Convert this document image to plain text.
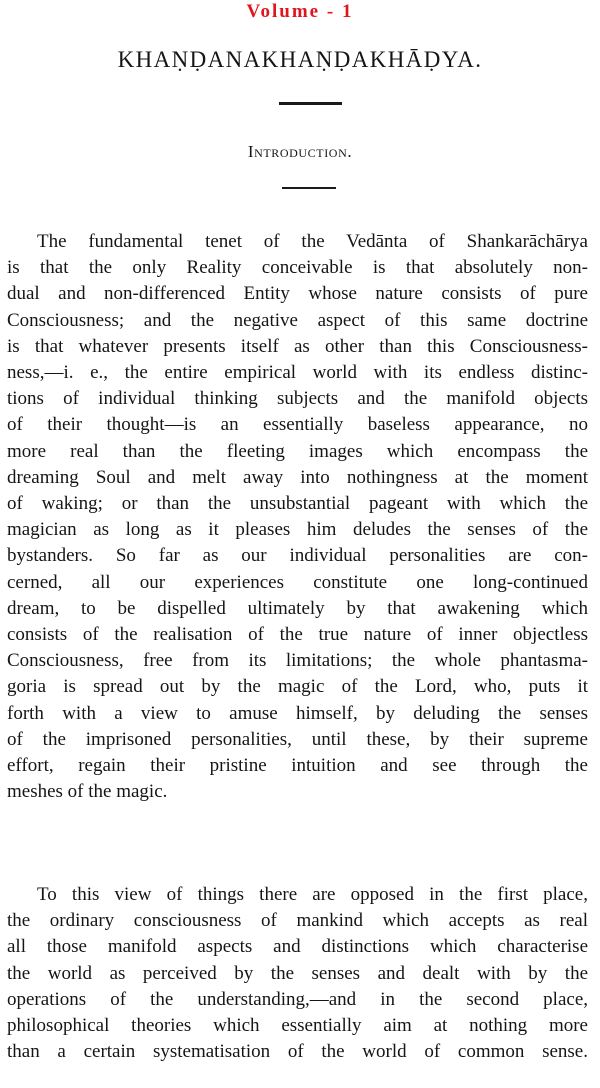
Volume - 1
KHAṆḌANAKHAṆḌAKHĀḌYA.
Introduction.
The fundamental tenet of the Vedānta of Shankarāchārya
is that the only Reality conceivable is that absolutely non-
dual and non-differenced Entity whose nature consists of pure
Consciousness; and the negative aspect of this same doctrine
is that whatever presents itself as other than this Consciousness-
ness,—i. e., the entire empirical world with its endless distinc-
tions of individual thinking subjects and the manifold objects
of their thought—is an essentially baseless appearance, no
more real than the fleeting images which encompass the
dreaming Soul and melt away into nothingness at the moment
of waking; or than the unsubstantial pageant with which the
magician as long as it pleases him deludes the senses of the
bystanders. So far as our individual personalities are con-
cerned, all our experiences constitute one long-continued
dream, to be dispelled ultimately by that awakening which
consists of the realisation of the true nature of inner objectless
Consciousness, free from its limitations; the whole phantasma-
goria is spread out by the magic of the Lord, who, puts it
forth with a view to amuse himself, by deluding the senses
of the imprisoned personalities, until these, by their supreme
effort, regain their pristine intuition and see through the
meshes of the magic.
To this view of things there are opposed in the first place,
the ordinary consciousness of mankind which accepts as real
all those manifold aspects and distinctions which characterise
the world as perceived by the senses and dealt with by the
operations of the understanding,—and in the second place,
philosophical theories which essentially aim at nothing more
than a certain systematisation of the world of common sense.
